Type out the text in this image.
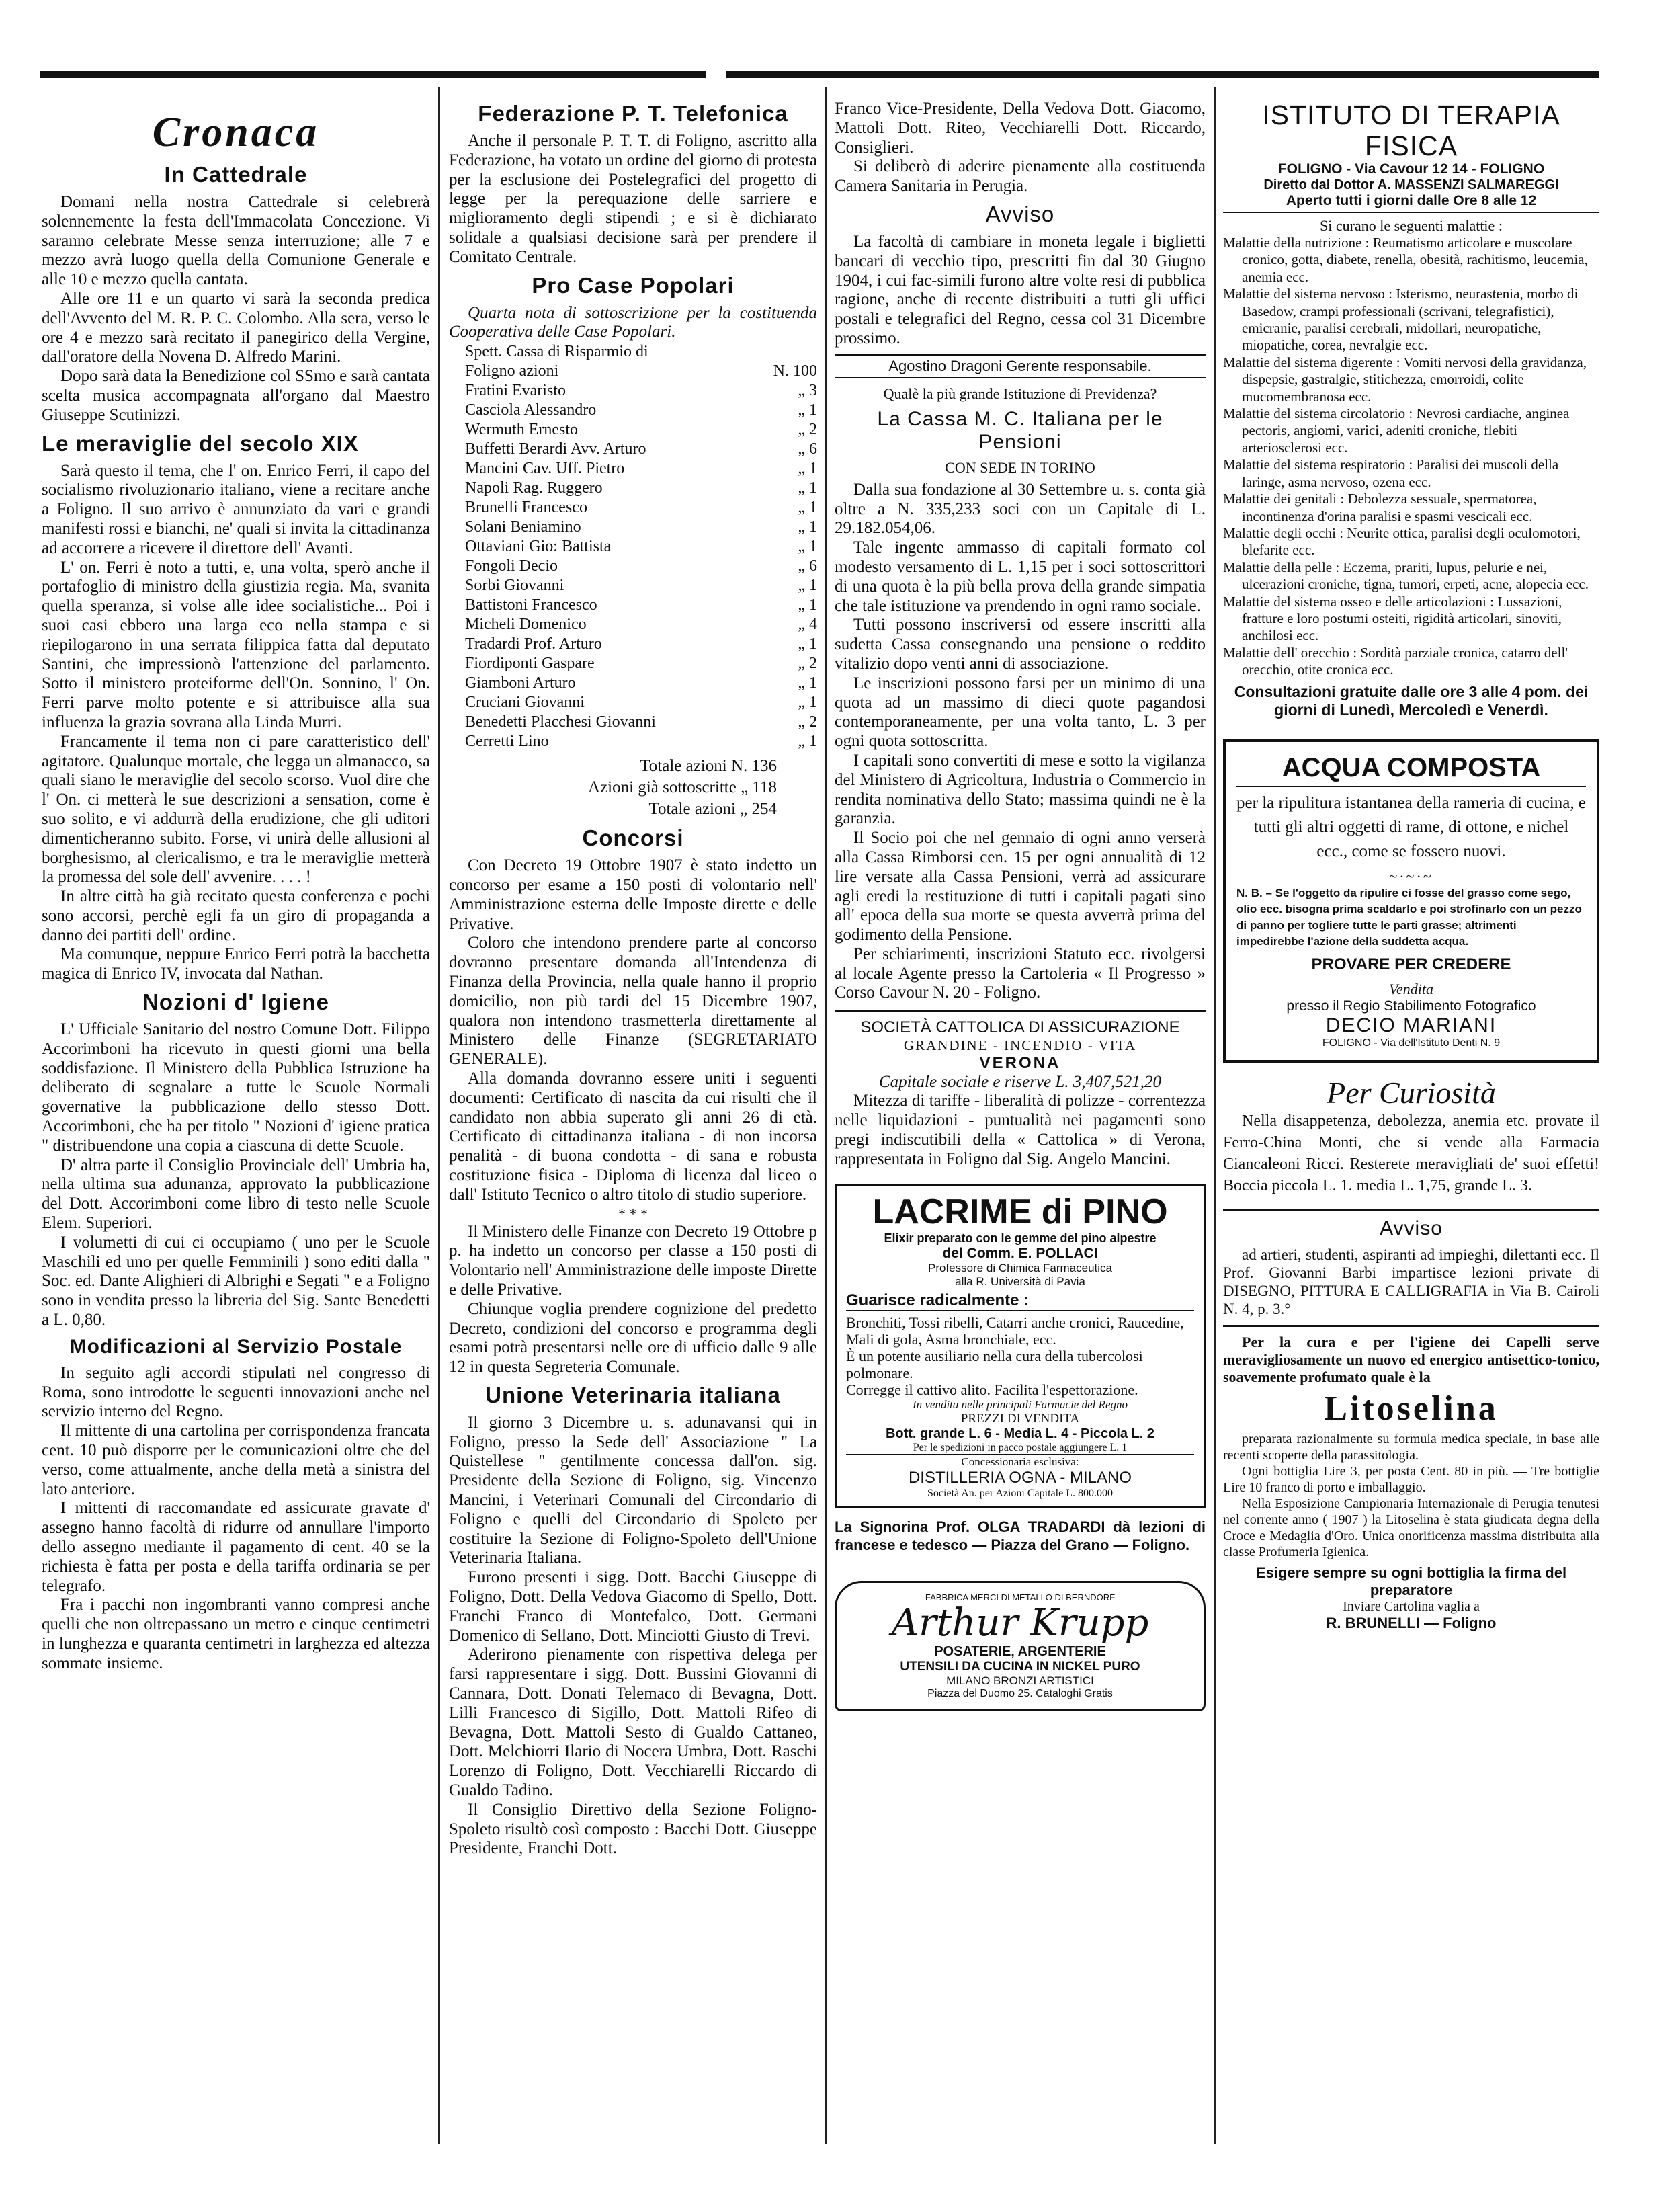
Cronaca
In Cattedrale

Domani nella nostra Cattedrale si celebrerà solennemente la festa dell'Immacolata Concezione. Vi saranno celebrate Messe senza interruzione; alle 7 e mezzo avrà luogo quella della Comunione Generale e alle 10 e mezzo quella cantata.

Alle ore 11 e un quarto vi sarà la seconda predica dell'Avvento del M. R. P. C. Colombo. Alla sera, verso le ore 4 e mezzo sarà recitato il panegirico della Vergine, dall'oratore della Novena D. Alfredo Marini.

Dopo sarà data la Benedizione col SSmo e sarà cantata scelta musica accompagnata all'organo dal Maestro Giuseppe Scutinizzi.

Le meraviglie del secolo XIX

Sarà questo il tema, che l' on. Enrico Ferri, il capo del socialismo rivoluzionario italiano, viene a recitare anche a Foligno. Il suo arrivo è annunziato da vari e grandi manifesti rossi e bianchi, ne' quali si invita la cittadinanza ad accorrere a ricevere il direttore dell' Avanti.

L' on. Ferri è noto a tutti, e, una volta, sperò anche il portafoglio di ministro della giustizia regia. Ma, svanita quella speranza, si volse alle idee socialistiche... Poi i suoi casi ebbero una larga eco nella stampa e si riepilogarono in una serrata filippica fatta dal deputato Santini, che impressionò l'attenzione del parlamento. Sotto il ministero proteiforme dell'On. Sonnino, l' On. Ferri parve molto potente e si attribuisce alla sua influenza la grazia sovrana alla Linda Murri.

Francamente il tema non ci pare caratteristico dell' agitatore. Qualunque mortale, che legga un almanacco, sa quali siano le meraviglie del secolo scorso. Vuol dire che l' On. ci metterà le sue descrizioni a sensation, come è suo solito, e vi addurrà della erudizione, che gli uditori dimenticheranno subito. Forse, vi unirà delle allusioni al borghesismo, al clericalismo, e tra le meraviglie metterà la promessa del sole dell' avvenire. . . . !

In altre città ha già recitato questa conferenza e pochi sono accorsi, perchè egli fa un giro di propaganda a danno dei partiti dell' ordine.

Ma comunque, neppure Enrico Ferri potrà la bacchetta magica di Enrico IV, invocata dal Nathan.

Nozioni d' Igiene

L' Ufficiale Sanitario del nostro Comune Dott. Filippo Accorimboni ha ricevuto in questi giorni una bella soddisfazione. Il Ministero della Pubblica Istruzione ha deliberato di segnalare a tutte le Scuole Normali governative la pubblicazione dello stesso Dott. Accorimboni, che ha per titolo " Nozioni d' igiene pratica " distribuendone una copia a ciascuna di dette Scuole.

D' altra parte il Consiglio Provinciale dell' Umbria ha, nella ultima sua adunanza, approvato la pubblicazione del Dott. Accorimboni come libro di testo nelle Scuole Elem. Superiori.

I volumetti di cui ci occupiamo ( uno per le Scuole Maschili ed uno per quelle Femminili ) sono editi dalla " Soc. ed. Dante Alighieri di Albrighi e Segati " e a Foligno sono in vendita presso la libreria del Sig. Sante Benedetti a L. 0,80.

Modificazioni al Servizio Postale

In seguito agli accordi stipulati nel congresso di Roma, sono introdotte le seguenti innovazioni anche nel servizio interno del Regno.

Il mittente di una cartolina per corrispondenza francata cent. 10 può disporre per le comunicazioni oltre che del verso, come attualmente, anche della metà a sinistra del lato anteriore.

I mittenti di raccomandate ed assicurate gravate d' assegno hanno facoltà di ridurre od annullare l'importo dello assegno mediante il pagamento di cent. 40 se la richiesta è fatta per posta e della tariffa ordinaria se per telegrafo.

Fra i pacchi non ingombranti vanno compresi anche quelli che non oltrepassano un metro e cinque centimetri in lunghezza e quaranta centimetri in larghezza ed altezza sommate insieme.

Federazione P. T. Telefonica

Anche il personale P. T. T. di Foligno, ascritto alla Federazione, ha votato un ordine del giorno di protesta per la esclusione dei Postelegrafici del progetto di legge per la perequazione delle sarriere e miglioramento degli stipendi ; e si è dichiarato solidale a qualsiasi decisione sarà per prendere il Comitato Centrale.

Pro Case Popolari

Quarta nota di sottoscrizione per la costituenda Cooperativa delle Case Popolari.

Spett. Cassa di Risparmio di
Foligno azioni	N. 100
Fratini Evaristo	„ 3
Casciola Alessandro	„ 1
Wermuth Ernesto	„ 2
Buffetti Berardi Avv. Arturo	„ 6
Mancini Cav. Uff. Pietro	„ 1
Napoli Rag. Ruggero	„ 1
Brunelli Francesco	„ 1
Solani Beniamino	„ 1
Ottaviani Gio: Battista	„ 1
Fongoli Decio	„ 6
Sorbi Giovanni	„ 1
Battistoni Francesco	„ 1
Micheli Domenico	„ 4
Tradardi Prof. Arturo	„ 1
Fiordiponti Gaspare	„ 2
Giamboni Arturo	„ 1
Cruciani Giovanni	„ 1
Benedetti Placchesi Giovanni	„ 2
Cerretti Lino	„ 1
Totale azioni N. 136
Azioni già sottoscritte „ 118
Totale azioni „ 254
Concorsi

Con Decreto 19 Ottobre 1907 è stato indetto un concorso per esame a 150 posti di volontario nell' Amministrazione esterna delle Imposte dirette e delle Privative.

Coloro che intendono prendere parte al concorso dovranno presentare domanda all'Intendenza di Finanza della Provincia, nella quale hanno il proprio domicilio, non più tardi del 15 Dicembre 1907, qualora non intendono trasmetterla direttamente al Ministero delle Finanze (SEGRETARIATO GENERALE).

Alla domanda dovranno essere uniti i seguenti documenti: Certificato di nascita da cui risulti che il candidato non abbia superato gli anni 26 di età. Certificato di cittadinanza italiana - di non incorsa penalità - di buona condotta - di sana e robusta costituzione fisica - Diploma di licenza dal liceo o dall' Istituto Tecnico o altro titolo di studio superiore.

* * *

Il Ministero delle Finanze con Decreto 19 Ottobre p p. ha indetto un concorso per classe a 150 posti di Volontario nell' Amministrazione delle imposte Dirette e delle Privative.

Chiunque voglia prendere cognizione del predetto Decreto, condizioni del concorso e programma degli esami potrà presentarsi nelle ore di ufficio dalle 9 alle 12 in questa Segreteria Comunale.

Unione Veterinaria italiana

Il giorno 3 Dicembre u. s. adunavansi qui in Foligno, presso la Sede dell' Associazione " La Quistellese " gentilmente concessa dall'on. sig. Presidente della Sezione di Foligno, sig. Vincenzo Mancini, i Veterinari Comunali del Circondario di Foligno e quelli del Circondario di Spoleto per costituire la Sezione di Foligno-Spoleto dell'Unione Veterinaria Italiana.

Furono presenti i sigg. Dott. Bacchi Giuseppe di Foligno, Dott. Della Vedova Giacomo di Spello, Dott. Franchi Franco di Montefalco, Dott. Germani Domenico di Sellano, Dott. Minciotti Giusto di Trevi.

Aderirono pienamente con rispettiva delega per farsi rappresentare i sigg. Dott. Bussini Giovanni di Cannara, Dott. Donati Telemaco di Bevagna, Dott. Lilli Francesco di Sigillo, Dott. Mattoli Rifeo di Bevagna, Dott. Mattoli Sesto di Gualdo Cattaneo, Dott. Melchiorri Ilario di Nocera Umbra, Dott. Raschi Lorenzo di Foligno, Dott. Vecchiarelli Riccardo di Gualdo Tadino.

Il Consiglio Direttivo della Sezione Foligno-Spoleto risultò così composto : Bacchi Dott. Giuseppe Presidente, Franchi Dott.

Franco Vice-Presidente, Della Vedova Dott. Giacomo, Mattoli Dott. Riteo, Vecchiarelli Dott. Riccardo, Consiglieri.

Si deliberò di aderire pienamente alla costituenda Camera Sanitaria in Perugia.

Avviso

La facoltà di cambiare in moneta legale i biglietti bancari di vecchio tipo, prescritti fin dal 30 Giugno 1904, i cui fac-simili furono altre volte resi di pubblica ragione, anche di recente distribuiti a tutti gli uffici postali e telegrafici del Regno, cessa col 31 Dicembre prossimo.

Agostino Dragoni Gerente responsabile.
Qualè la più grande Istituzione di Previdenza?
La Cassa M. C. Italiana per le Pensioni
CON SEDE IN TORINO

Dalla sua fondazione al 30 Settembre u. s. conta già oltre a N. 335,233 soci con un Capitale di L. 29.182.054,06.

Tale ingente ammasso di capitali formato col modesto versamento di L. 1,15 per i soci sottoscrittori di una quota è la più bella prova della grande simpatia che tale istituzione va prendendo in ogni ramo sociale.

Tutti possono inscriversi od essere inscritti alla sudetta Cassa consegnando una pensione o reddito vitalizio dopo venti anni di associazione.

Le inscrizioni possono farsi per un minimo di una quota ad un massimo di dieci quote pagandosi contemporaneamente, per una volta tanto, L. 3 per ogni quota sottoscritta.

I capitali sono convertiti di mese e sotto la vigilanza del Ministero di Agricoltura, Industria o Commercio in rendita nominativa dello Stato; massima quindi ne è la garanzia.

Il Socio poi che nel gennaio di ogni anno verserà alla Cassa Rimborsi cen. 15 per ogni annualità di 12 lire versate alla Cassa Pensioni, verrà ad assicurare agli eredi la restituzione di tutti i capitali pagati sino all' epoca della sua morte se questa avverrà prima del godimento della Pensione.

Per schiarimenti, inscrizioni Statuto ecc. rivolgersi al locale Agente presso la Cartoleria « Il Progresso » Corso Cavour N. 20 - Foligno.

SOCIETÀ CATTOLICA DI ASSICURAZIONE
GRANDINE - INCENDIO - VITA
VERONA
Capitale sociale e riserve L. 3,407,521,20

Mitezza di tariffe - liberalità di polizze - correntezza nelle liquidazioni - puntualità nei pagamenti sono pregi indiscutibili della « Cattolica » di Verona, rappresentata in Foligno dal Sig. Angelo Mancini.

LACRIME di PINO
Elixir preparato con le gemme del pino alpestre
del Comm. E. POLLACI
Professore di Chimica Farmaceutica
alla R. Università di Pavia
Guarisce radicalmente :
Bronchiti, Tossi ribelli, Catarri anche cronici, Raucedine, Mali di gola, Asma bronchiale, ecc.
È un potente ausiliario nella cura della tubercolosi polmonare.
Corregge il cattivo alito. Facilita l'espettorazione.
In vendita nelle principali Farmacie del Regno
PREZZI DI VENDITA
Bott. grande L. 6 - Media L. 4 - Piccola L. 2
Per le spedizioni in pacco postale aggiungere L. 1
Concessionaria esclusiva:
DISTILLERIA OGNA - MILANO
Società An. per Azioni Capitale L. 800.000

La Signorina Prof. OLGA TRADARDI dà lezioni di francese e tedesco — Piazza del Grano — Foligno.

FABBRICA MERCI DI METALLO DI BERNDORF
Arthur Krupp
POSATERIE, ARGENTERIE
UTENSILI DA CUCINA IN NICKEL PURO
MILANO BRONZI ARTISTICI
Piazza del Duomo 25. Cataloghi Gratis
ISTITUTO DI TERAPIA FISICA
FOLIGNO - Via Cavour 12 14 - FOLIGNO
Diretto dal Dottor A. MASSENZI SALMAREGGI
Aperto tutti i giorni dalle Ore 8 alle 12
Si curano le seguenti malattie :

Malattie della nutrizione : Reumatismo articolare e muscolare cronico, gotta, diabete, renella, obesità, rachitismo, leucemia, anemia ecc.

Malattie del sistema nervoso : Isterismo, neurastenia, morbo di Basedow, crampi professionali (scrivani, telegrafistici), emicranie, paralisi cerebrali, midollari, neuropatiche, miopatiche, corea, nevralgie ecc.

Malattie del sistema digerente : Vomiti nervosi della gravidanza, dispepsie, gastralgie, stitichezza, emorroidi, colite mucomembranosa ecc.

Malattie del sistema circolatorio : Nevrosi cardiache, anginea pectoris, angiomi, varici, adeniti croniche, flebiti arteriosclerosi ecc.

Malattie del sistema respiratorio : Paralisi dei muscoli della laringe, asma nervoso, ozena ecc.

Malattie dei genitali : Debolezza sessuale, spermatorea, incontinenza d'orina paralisi e spasmi vescicali ecc.

Malattie degli occhi : Neurite ottica, paralisi degli oculomotori, blefarite ecc.

Malattie della pelle : Eczema, prariti, lupus, pelurie e nei, ulcerazioni croniche, tigna, tumori, erpeti, acne, alopecia ecc.

Malattie del sistema osseo e delle articolazioni : Lussazioni, fratture e loro postumi osteiti, rigidità articolari, sinoviti, anchilosi ecc.

Malattie dell' orecchio : Sordità parziale cronica, catarro dell' orecchio, otite cronica ecc.

Consultazioni gratuite dalle ore 3 alle 4 pom. dei giorni di Lunedì, Mercoledì e Venerdì.
ACQUA COMPOSTA
per la ripulitura istantanea della rameria di cucina, e tutti gli altri oggetti di rame, di ottone, e nichel ecc., come se fossero nuovi.
~·~·~
N. B. – Se l'oggetto da ripulire ci fosse del grasso come sego, olio ecc. bisogna prima scaldarlo e poi strofinarlo con un pezzo di panno per togliere tutte le parti grasse; altrimenti impedirebbe l'azione della suddetta acqua.
PROVARE PER CREDERE
Vendita
presso il Regio Stabilimento Fotografico
DECIO MARIANI
FOLIGNO - Via dell'Istituto Denti N. 9
Per Curiosità

Nella disappetenza, debolezza, anemia etc. provate il Ferro-China Monti, che si vende alla Farmacia Ciancaleoni Ricci. Resterete meravigliati de' suoi effetti! Boccia piccola L. 1. media L. 1,75, grande L. 3.

Avviso

ad artieri, studenti, aspiranti ad impieghi, dilettanti ecc. Il Prof. Giovanni Barbi impartisce lezioni private di DISEGNO, PITTURA E CALLIGRAFIA in Via B. Cairoli N. 4, p. 3.°

Per la cura e per l'igiene dei Capelli serve meravigliosamente un nuovo ed energico antisettico-tonico, soavemente profumato quale è la

Litoselina

preparata razionalmente su formula medica speciale, in base alle recenti scoperte della parassitologia.

Ogni bottiglia Lire 3, per posta Cent. 80 in più. — Tre bottiglie Lire 10 franco di porto e imballaggio.

Nella Esposizione Campionaria Internazionale di Perugia tenutesi nel corrente anno ( 1907 ) la Litoselina è stata giudicata degna della Croce e Medaglia d'Oro. Unica onorificenza massima distribuita alla classe Profumeria Igienica.

Esigere sempre su ogni bottiglia la firma del preparatore
Inviare Cartolina vaglia a
R. BRUNELLI — Foligno
